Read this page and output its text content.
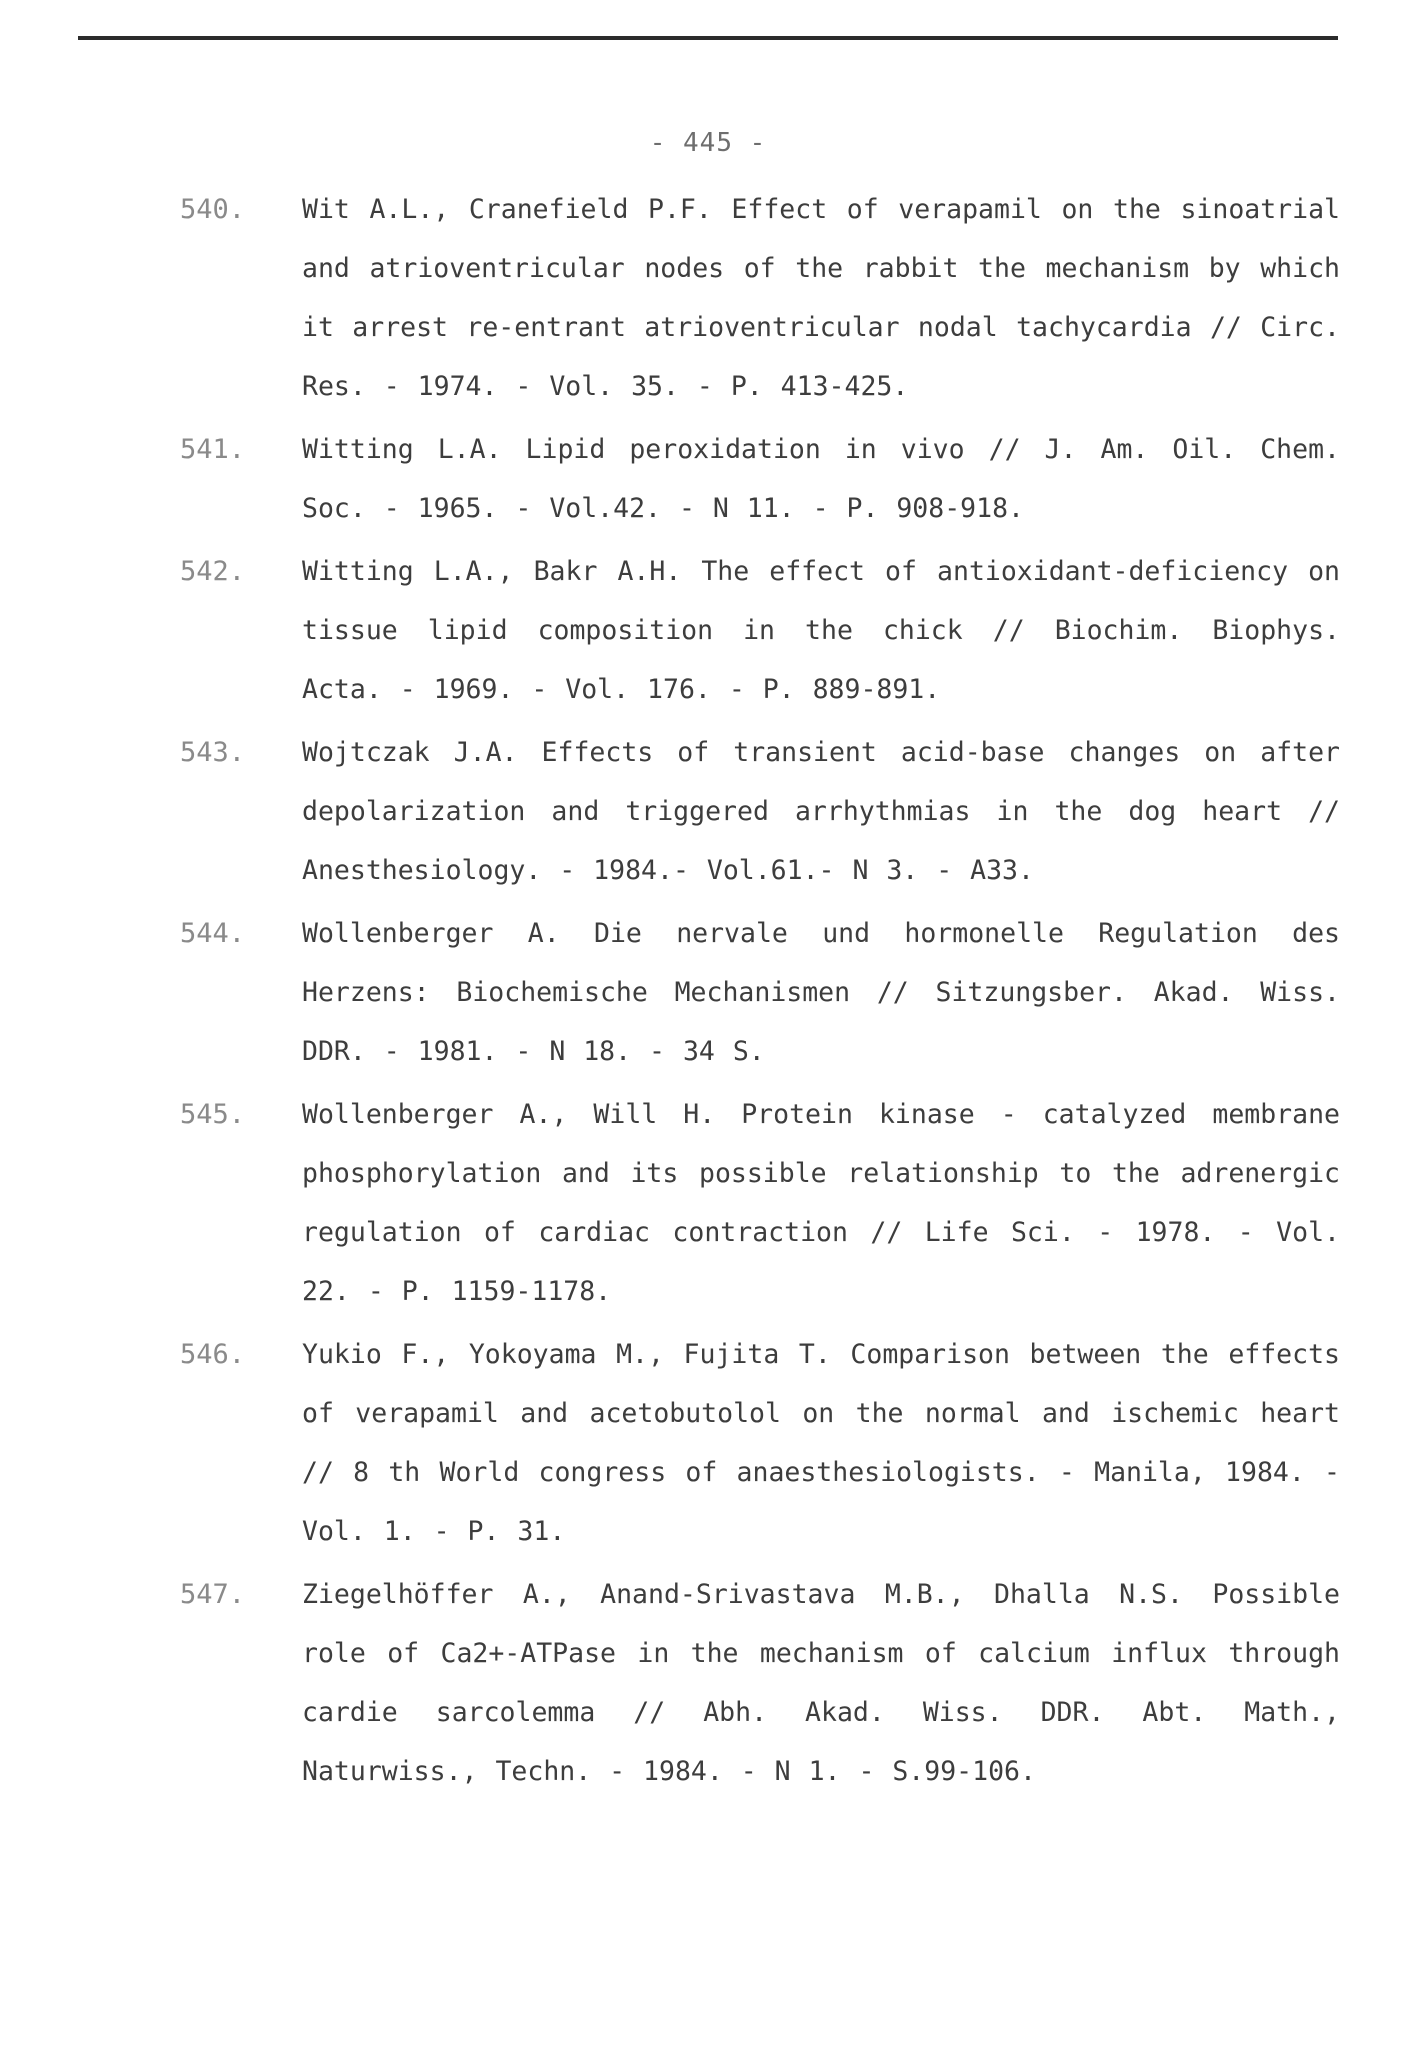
- 445 -
540.	Wit A.L., Cranefield P.F. Effect of verapamil on the sinoatrial and atrioventricular nodes of the rabbit the mechanism by which it arrest re-entrant atrioventricular nodal tachycardia // Circ. Res. - 1974. - Vol. 35. - P. 413-425.
541.	Witting L.A. Lipid peroxidation in vivo // J. Am. Oil. Chem. Soc. - 1965. - Vol.42. - N 11. - P. 908-918.
542.	Witting L.A., Bakr A.H. The effect of antioxidant-deficiency on tissue lipid composition in the chick // Biochim. Biophys. Acta. - 1969. - Vol. 176. - P. 889-891.
543.	Wojtczak J.A. Effects of transient acid-base changes on after depolarization and triggered arrhythmias in the dog heart // Anesthesiology. - 1984.- Vol.61.- N 3. - A33.
544.	Wollenberger A. Die nervale und hormonelle Regulation des Herzens: Biochemische Mechanismen // Sitzungsber. Akad. Wiss. DDR. - 1981. - N 18. - 34 S.
545.	Wollenberger A., Will H. Protein kinase - catalyzed membrane phosphorylation and its possible relationship to the adrenergic regulation of cardiac contraction // Life Sci. - 1978. - Vol. 22. - P. 1159-1178.
546.	Yukio F., Yokoyama M., Fujita T. Comparison between the effects of verapamil and acetobutolol on the normal and ischemic heart // 8 th World congress of anaesthesiologists. - Manila, 1984. - Vol. 1. - P. 31.
547.	Ziegelhöffer A., Anand-Srivastava M.B., Dhalla N.S. Possible role of Ca2+-ATPase in the mechanism of calcium influx through cardie sarcolemma // Abh. Akad. Wiss. DDR. Abt. Math., Naturwiss., Techn. - 1984. - N 1. - S.99-106.
